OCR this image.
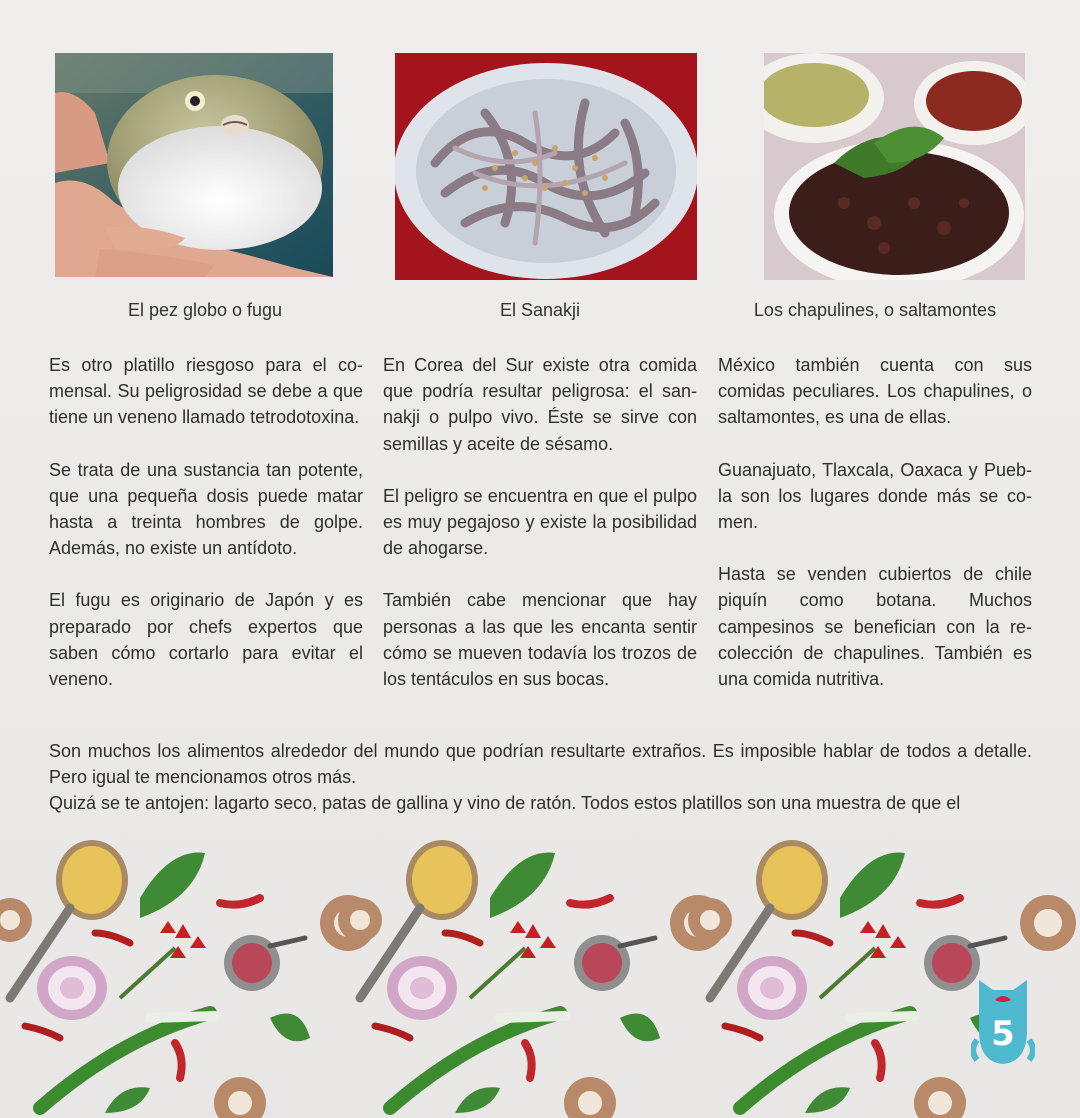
El pez globo o fugu	El Sanakji	Los chapulines, o saltamontes

Es otro platillo riesgoso para el comensal. Su peligrosidad se debe a que tiene un veneno llamado tetrodotoxina.

Se trata de una sustancia tan potente, que una pequeña dosis puede matar hasta a treinta hombres de golpe. Además, no existe un antídoto.

El fugu es originario de Japón y es preparado por chefs expertos que saben cómo cortarlo para evitar el veneno.

En Corea del Sur existe otra comida que podría resultar peligrosa: el sannakji o pulpo vivo. Éste se sirve con semillas y aceite de sésamo.

El peligro se encuentra en que el pulpo es muy pegajoso y existe la posibilidad de ahogarse.

También cabe mencionar que hay personas a las que les encanta sentir cómo se mueven todavía los trozos de los tentáculos en sus bocas.

México también cuenta con sus comidas peculiares. Los chapulines, o saltamontes, es una de ellas.

Guanajuato, Tlaxcala, Oaxaca y Puebla son los lugares donde más se comen.

Hasta se venden cubiertos de chile piquín como botana. Muchos campesinos se benefician con la recolección de chapulines. También es una comida nutritiva.

Son muchos los alimentos alrededor del mundo que podrían resultarte extraños. Es imposible hablar de todos a detalle. Pero igual te mencionamos otros más.

Quizá se te antojen: lagarto seco, patas de gallina y vino de ratón. Todos estos platillos son una muestra de que el

5
